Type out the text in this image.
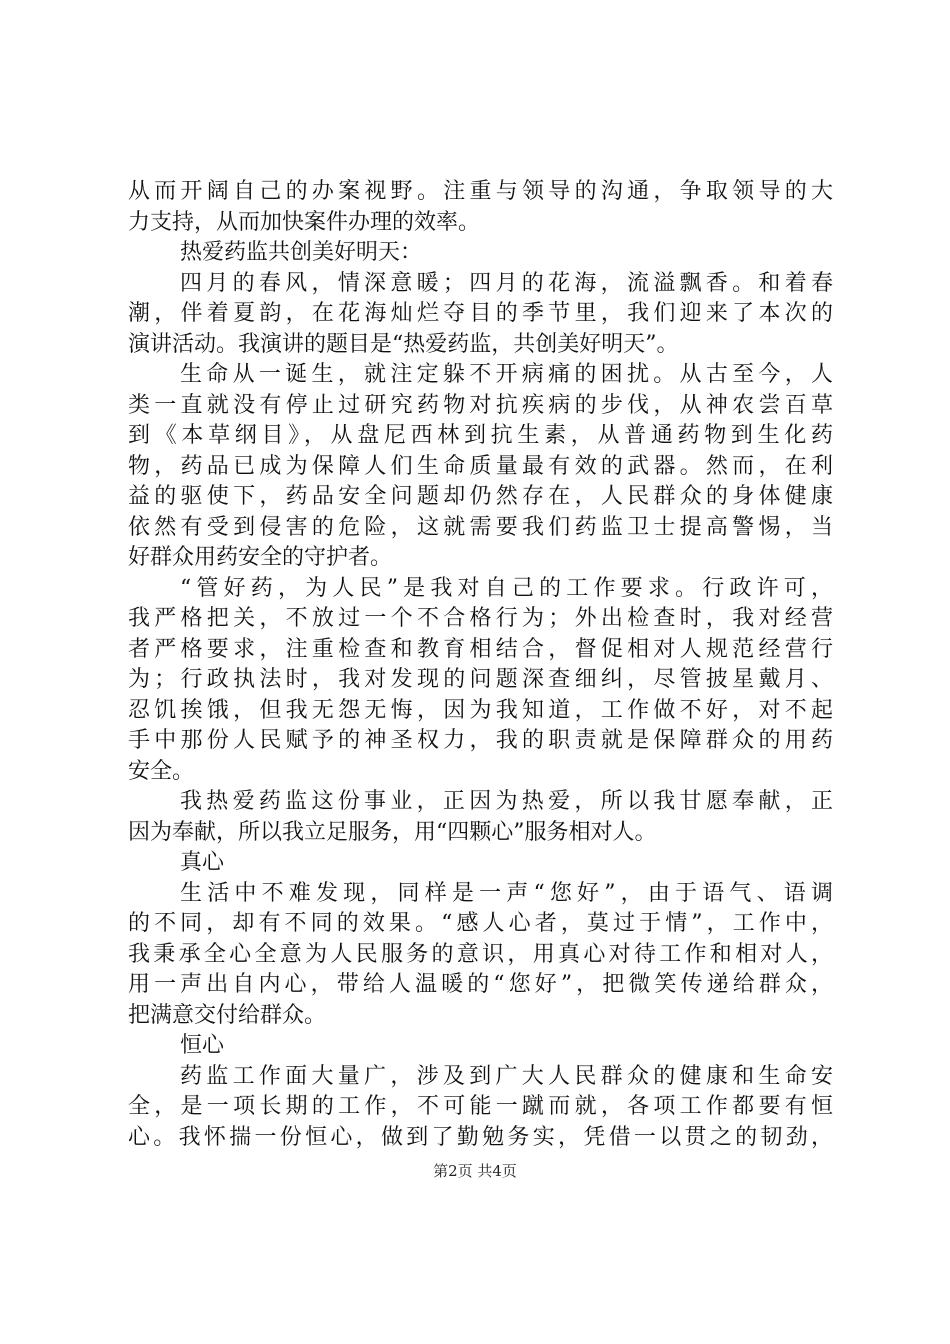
从而开阔自己的办案视野。注重与领导的沟通，争取领导的大
力支持，从而加快案件办理的效率。
热爱药监共创美好明天：
四月的春风，情深意暖；四月的花海，流溢飘香。和着春
潮，伴着夏韵，在花海灿烂夺目的季节里，我们迎来了本次的
演讲活动。我演讲的题目是“热爱药监，共创美好明天”。
生命从一诞生，就注定躲不开病痛的困扰。从古至今，人
类一直就没有停止过研究药物对抗疾病的步伐，从神农尝百草
到《本草纲目》，从盘尼西林到抗生素，从普通药物到生化药
物，药品已成为保障人们生命质量最有效的武器。然而，在利
益的驱使下，药品安全问题却仍然存在，人民群众的身体健康
依然有受到侵害的危险，这就需要我们药监卫士提高警惕，当
好群众用药安全的守护者。
“管好药，为人民”是我对自己的工作要求。行政许可，
我严格把关，不放过一个不合格行为；外出检查时，我对经营
者严格要求，注重检查和教育相结合，督促相对人规范经营行
为；行政执法时，我对发现的问题深查细纠，尽管披星戴月、
忍饥挨饿，但我无怨无悔，因为我知道，工作做不好，对不起
手中那份人民赋予的神圣权力，我的职责就是保障群众的用药
安全。
我热爱药监这份事业，正因为热爱，所以我甘愿奉献，正
因为奉献，所以我立足服务，用“四颗心”服务相对人。
真心
生活中不难发现，同样是一声“您好”，由于语气、语调
的不同，却有不同的效果。“感人心者，莫过于情”，工作中，
我秉承全心全意为人民服务的意识，用真心对待工作和相对人，
用一声出自内心，带给人温暖的“您好”，把微笑传递给群众，
把满意交付给群众。
恒心
药监工作面大量广，涉及到广大人民群众的健康和生命安
全，是一项长期的工作，不可能一蹴而就，各项工作都要有恒
心。我怀揣一份恒心，做到了勤勉务实，凭借一以贯之的韧劲，
第2页 共4页
